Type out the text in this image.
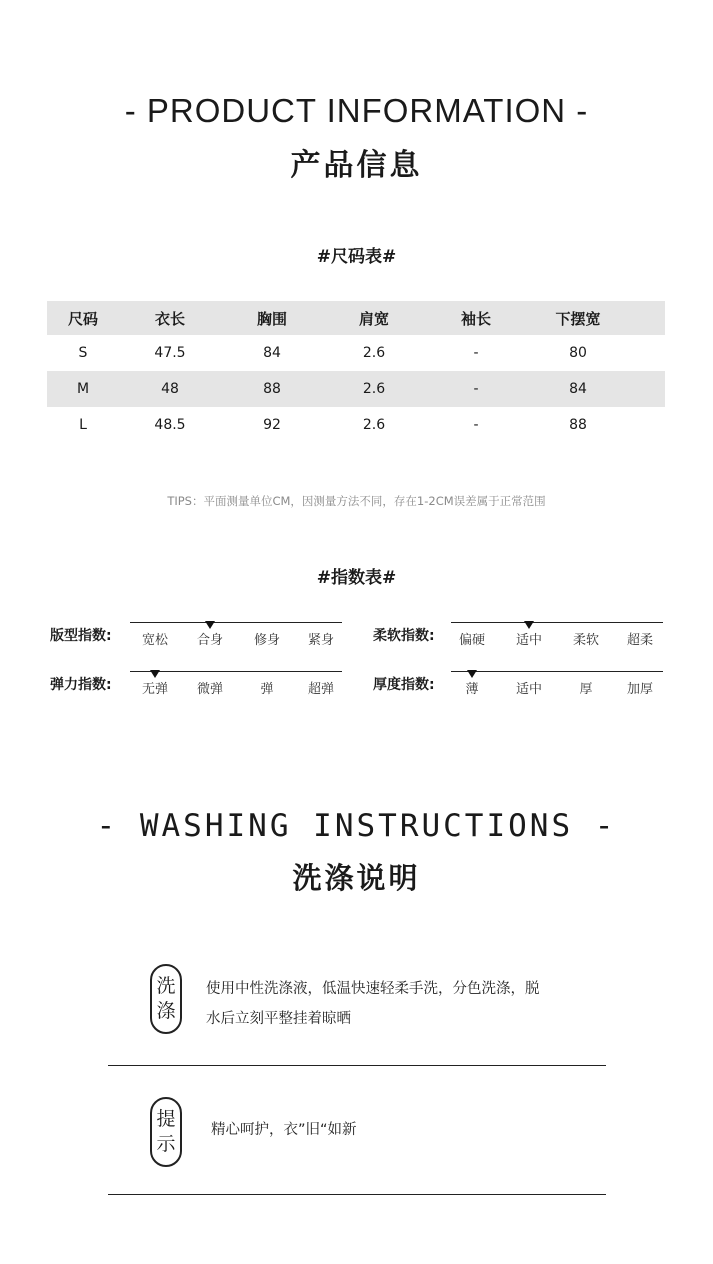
- PRODUCT INFORMATION -
产品信息
#尺码表#
尺码	衣长	胸围	肩宽	袖长	下摆宽	
S	47.5	84	2.6	-	80	
M	48	88	2.6	-	84	
L	48.5	92	2.6	-	88	
TIPS：平面测量单位CM，因测量方法不同，存在1-2CM误差属于正常范围
#指数表#
版型指数:	宽松	合身	修身	紧身	柔软指数:	偏硬	适中	柔软	超柔
弹力指数:	无弹	微弹	弹	超弹	厚度指数:	薄	适中	厚	加厚
- WASHING INSTRUCTIONS -
洗涤说明
洗
涤
使用中性洗涤液，低温快速轻柔手洗，分色洗涤，脱
水后立刻平整挂着晾晒
提
示
精心呵护，衣”旧“如新
